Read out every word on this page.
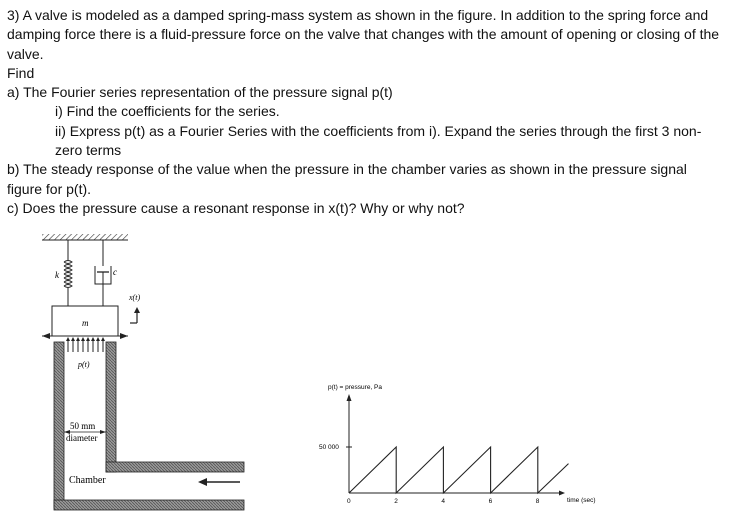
3) A valve is modeled as a damped spring-mass system as shown in the figure. In addition to the spring force and damping force there is a fluid-pressure force on the valve that changes with the amount of opening or closing of the valve.

Find

a) The Fourier series representation of the pressure signal p(t)

i) Find the coefficients for the series.

ii) Express p(t) as a Fourier Series with the coefficients from i). Expand the series through the first 3 non-zero terms

b) The steady response of the value when the pressure in the chamber varies as shown in the pressure signal figure for p(t).

c) Does the pressure cause a resonant response in x(t)? Why or why not?

k	c
m
x(t)
p(t)
50 mm
diameter
Chamber
p(t) = pressure, Pa
time (sec)
0	2	4	6	8
50 000
